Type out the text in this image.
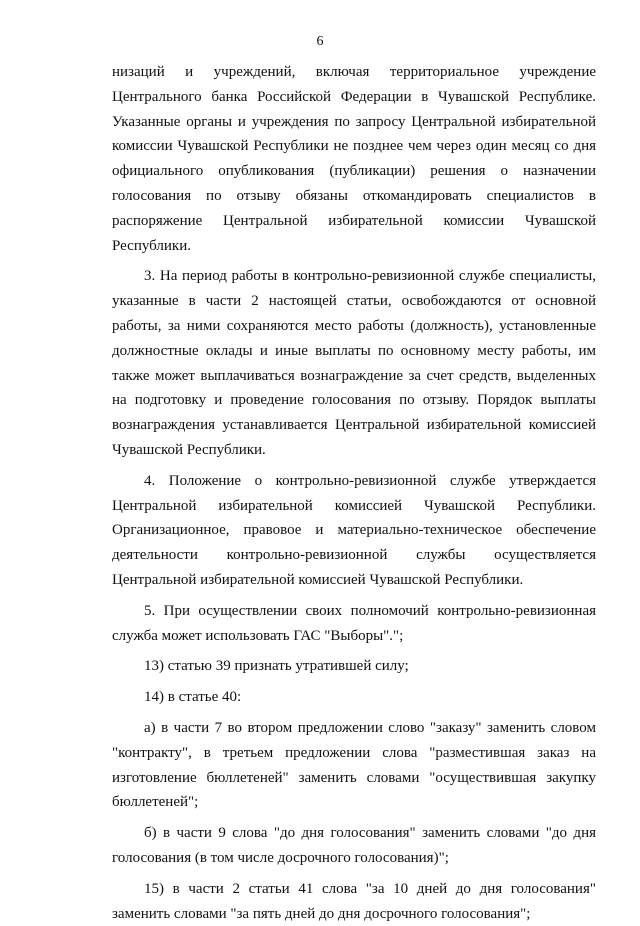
6

низаций и учреждений, включая территориальное учреждение Центрального банка Российской Федерации в Чувашской Республике. Указанные органы и учреждения по запросу Центральной избирательной комиссии Чувашской Республики не позднее чем через один месяц со дня официального опубликования (публикации) решения о назначении голосования по отзыву обязаны откомандировать специалистов в распоряжение Центральной избирательной комиссии Чувашской Республики.

3. На период работы в контрольно-ревизионной службе специалисты, указанные в части 2 настоящей статьи, освобождаются от основной работы, за ними сохраняются место работы (должность), установленные должностные оклады и иные выплаты по основному месту работы, им также может выплачиваться вознаграждение за счет средств, выделенных на подготовку и проведение голосования по отзыву. Порядок выплаты вознаграждения устанавливается Центральной избирательной комиссией Чувашской Республики.

4. Положение о контрольно-ревизионной службе утверждается Центральной избирательной комиссией Чувашской Республики. Организационное, правовое и материально-техническое обеспечение деятельности контрольно-ревизионной службы осуществляется Центральной избирательной комиссией Чувашской Республики.

5. При осуществлении своих полномочий контрольно-ревизионная служба может использовать ГАС "Выборы".";

13) статью 39 признать утратившей силу;

14) в статье 40:

а) в части 7 во втором предложении слово "заказу" заменить словом "контракту", в третьем предложении слова "разместившая заказ на изготовление бюллетеней" заменить словами "осуществившая закупку бюллетеней";

б) в части 9 слова "до дня голосования" заменить словами "до дня голосования (в том числе досрочного голосования)";

15) в части 2 статьи 41 слова "за 10 дней до дня голосования" заменить словами "за пять дней до дня досрочного голосования";
